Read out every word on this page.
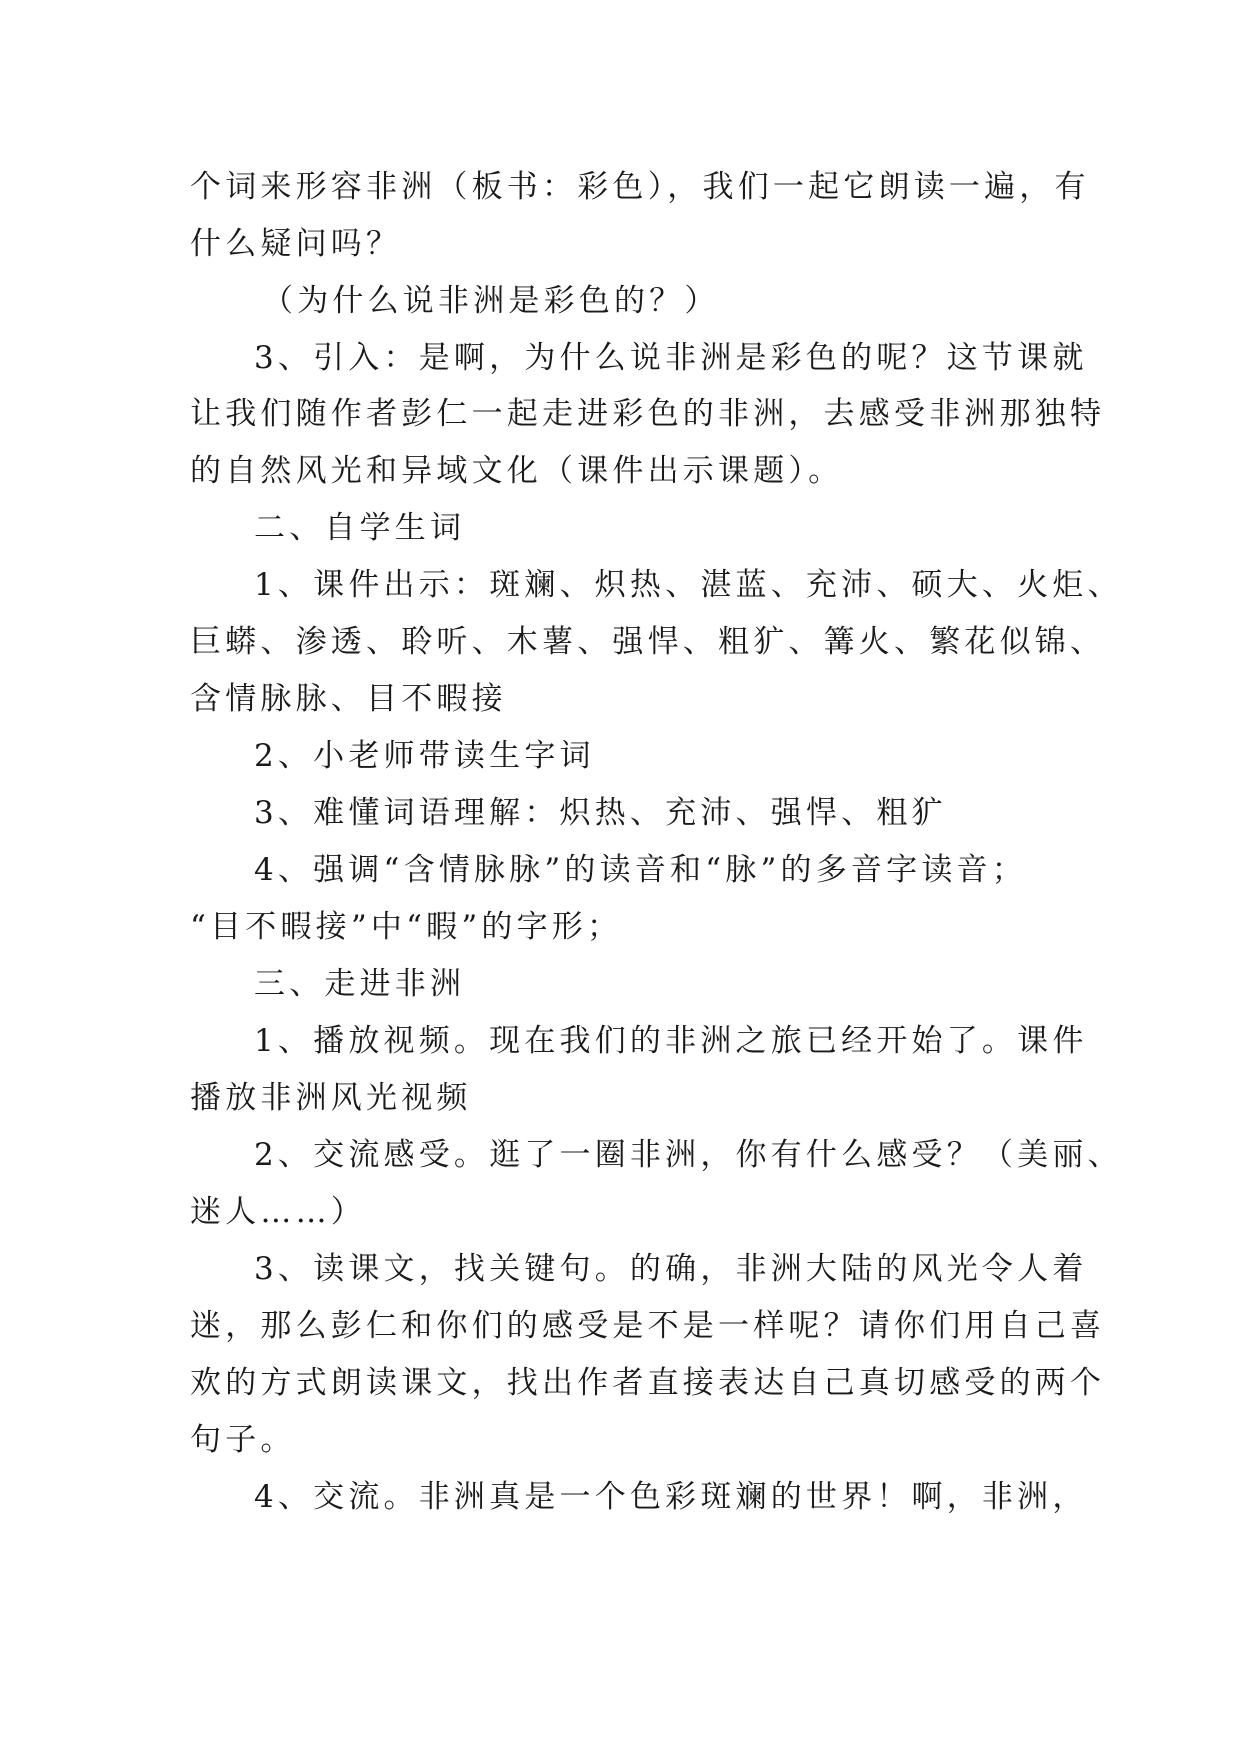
个词来形容非洲（板书：彩色），我们一起它朗读一遍，有
什么疑问吗？
（为什么说非洲是彩色的？）
3、引入：是啊，为什么说非洲是彩色的呢？这节课就
让我们随作者彭仁一起走进彩色的非洲，去感受非洲那独特
的自然风光和异域文化（课件出示课题）。
二、自学生词
1、课件出示：斑斓、炽热、湛蓝、充沛、硕大、火炬、
巨蟒、渗透、聆听、木薯、强悍、粗犷、篝火、繁花似锦、
含情脉脉、目不暇接
2、小老师带读生字词
3、难懂词语理解：炽热、充沛、强悍、粗犷
4、强调“含情脉脉”的读音和“脉”的多音字读音；
“目不暇接”中“暇”的字形；
三、走进非洲
1、播放视频。现在我们的非洲之旅已经开始了。课件
播放非洲风光视频
2、交流感受。逛了一圈非洲，你有什么感受？（美丽、
迷人……）
3、读课文，找关键句。的确，非洲大陆的风光令人着
迷，那么彭仁和你们的感受是不是一样呢？请你们用自己喜
欢的方式朗读课文，找出作者直接表达自己真切感受的两个
句子。
4、交流。非洲真是一个色彩斑斓的世界！啊，非洲，
